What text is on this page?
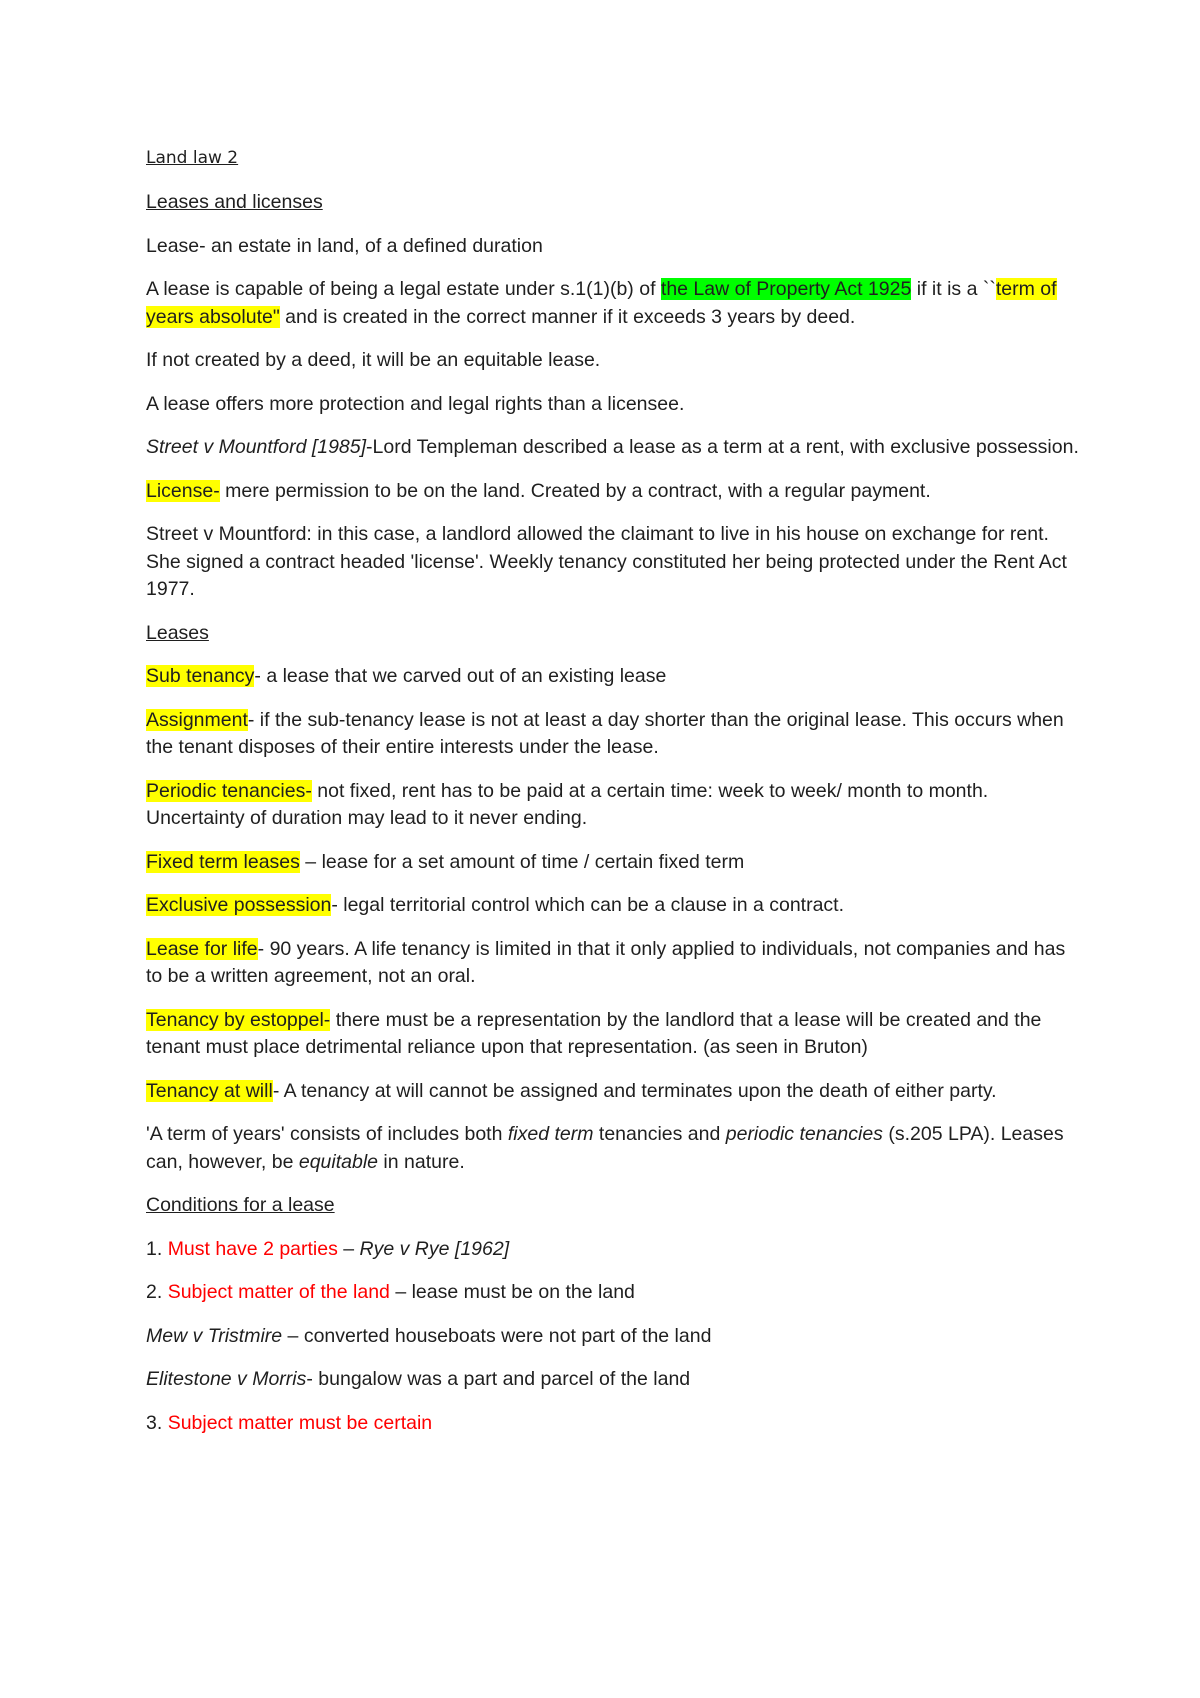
Land law 2

Leases and licenses

Lease- an estate in land, of a defined duration

A lease is capable of being a legal estate under s.1(1)(b) of the Law of Property Act 1925 if it is a ``term of years absolute" and is created in the correct manner if it exceeds 3 years by deed.

If not created by a deed, it will be an equitable lease.

A lease offers more protection and legal rights than a licensee.

Street v Mountford [1985]-Lord Templeman described a lease as a term at a rent, with exclusive possession.

License- mere permission to be on the land. Created by a contract, with a regular payment.

Street v Mountford: in this case, a landlord allowed the claimant to live in his house on exchange for rent. She signed a contract headed 'license'. Weekly tenancy constituted her being protected under the Rent Act 1977.

Leases

Sub tenancy- a lease that we carved out of an existing lease

Assignment- if the sub-tenancy lease is not at least a day shorter than the original lease. This occurs when the tenant disposes of their entire interests under the lease.

Periodic tenancies- not fixed, rent has to be paid at a certain time: week to week/ month to month. Uncertainty of duration may lead to it never ending.

Fixed term leases – lease for a set amount of time / certain fixed term

Exclusive possession- legal territorial control which can be a clause in a contract.

Lease for life- 90 years. A life tenancy is limited in that it only applied to individuals, not companies and has to be a written agreement, not an oral.

Tenancy by estoppel- there must be a representation by the landlord that a lease will be created and the tenant must place detrimental reliance upon that representation. (as seen in Bruton)

Tenancy at will- A tenancy at will cannot be assigned and terminates upon the death of either party.

'A term of years' consists of includes both fixed term tenancies and periodic tenancies (s.205 LPA). Leases can, however, be equitable in nature.

Conditions for a lease

1. Must have 2 parties – Rye v Rye [1962]

2. Subject matter of the land – lease must be on the land

Mew v Tristmire – converted houseboats were not part of the land

Elitestone v Morris- bungalow was a part and parcel of the land

3. Subject matter must be certain
